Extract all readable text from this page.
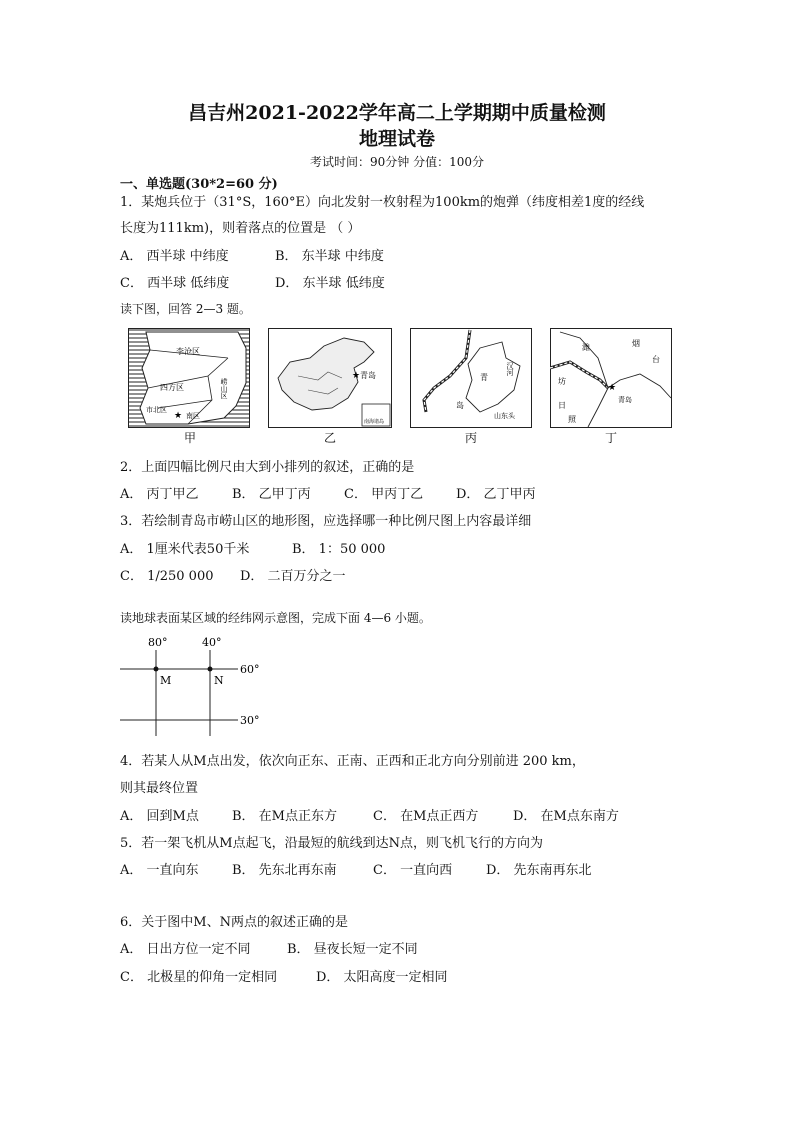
昌吉州2021-2022学年高二上学期期中质量检测
地理试卷
考试时间：90分钟 分值：100分
一、单选题(30*2=60 分)
1．某炮兵位于（31°S，160°E）向北发射一枚射程为100km的炮弹（纬度相差1度的经线
长度为111km)，则着落点的位置是 （ ）
A． 西半球 中纬度	B． 东半球 中纬度
C． 西半球 低纬度	D． 东半球 低纬度
读下图，回答 2—3 题。
李沧区
四方区	崂山区
市北区
南区
★
甲
★ 青岛
南海诸岛
乙
青
岛
汉河
山东头
丙
★
潍	烟
台
坊
日
照
青岛
丁
2．上面四幅比例尺由大到小排列的叙述，正确的是
A． 丙丁甲乙	B． 乙甲丁丙	C． 甲丙丁乙	D． 乙丁甲丙
3．若绘制青岛市崂山区的地形图，应选择哪一种比例尺图上内容最详细
A． 1厘米代表50千米	B． 1：50 000
C． 1/250 000 D． 二百万分之一
读地球表面某区域的经纬网示意图，完成下面 4—6 小题。
80°	40°
60°
30°
M	N
4．若某人从M点出发，依次向正东、正南、正西和正北方向分别前进 200 km，
则其最终位置
A． 回到M点	B． 在M点正东方	C． 在M点正西方	D． 在M点东南方
5．若一架飞机从M点起飞，沿最短的航线到达N点，则飞机飞行的方向为
A． 一直向东	B． 先东北再东南	C． 一直向西	D． 先东南再东北
6．关于图中M、N两点的叙述正确的是
A． 日出方位一定不同	B． 昼夜长短一定不同
C． 北极星的仰角一定相同	D． 太阳高度一定相同
